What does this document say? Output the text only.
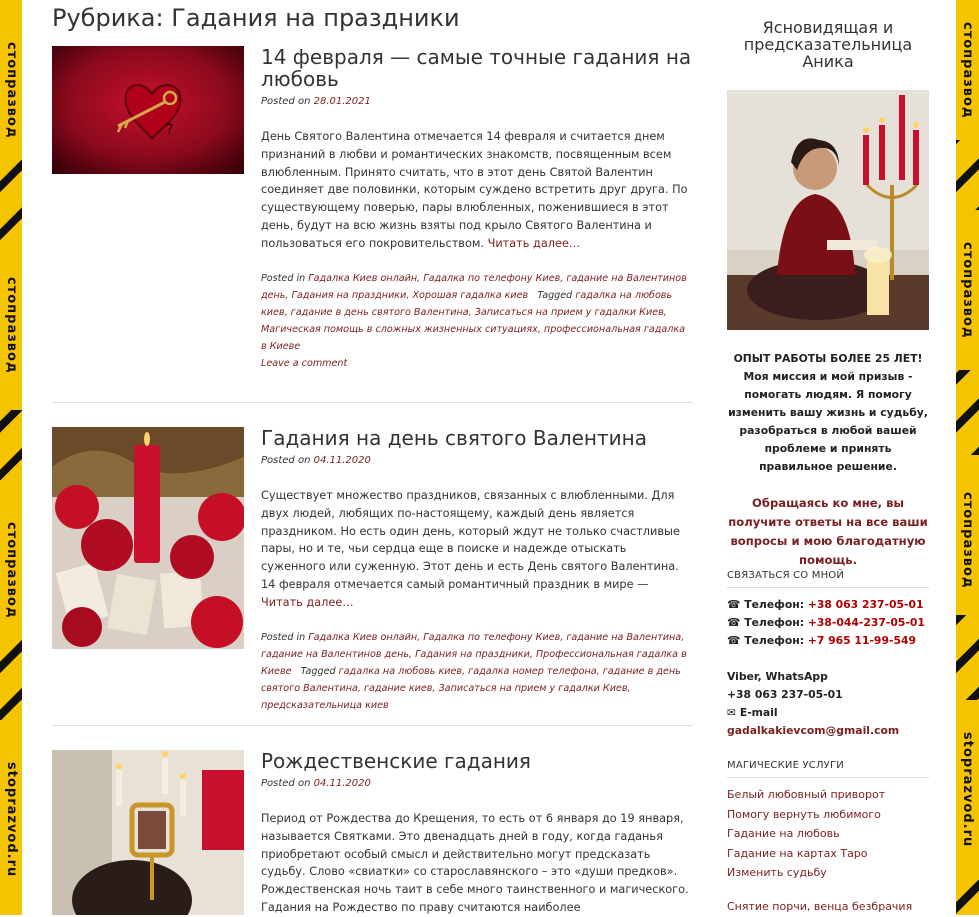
стопразвод
стопразвод
стопразвод
stoprazvod.ru
стопразвод
стопразвод
стопразвод
stoprazvod.ru
Рубрика: Гадания на праздники
?
14 февраля — самые точные гадания на любовь
Posted on 28.01.2021
День Святого Валентина отмечается 14 февраля и считается днем признаний в любви и романтических знакомств, посвященным всем влюбленным. Принято считать, что в этот день Святой Валентин соединяет две половинки, которым суждено встретить друг друга. По существующему поверью, пары влюбленных, поженившиеся в этот день, будут на всю жизнь взяты под крыло Святого Валентина и пользоваться его покровительством. Читать далее…
Posted in Гадалка Киев онлайн, Гадалка по телефону Киев, гадание на Валентинов день, Гадания на праздники, Хорошая гадалка киев Tagged гадалка на любовь киев, гадание в день святого Валентина, Записаться на прием у гадалки Киев, Магическая помощь в сложных жизненных ситуациях, профессиональная гадалка в Киеве
Leave a comment
Гадания на день святого Валентина
Posted on 04.11.2020
Существует множество праздников, связанных с влюбленными. Для двух людей, любящих по-настоящему, каждый день является праздником. Но есть один день, который ждут не только счастливые пары, но и те, чьи сердца еще в поиске и надежде отыскать суженного или суженную. Этот день и есть День святого Валентина. 14 февраля отмечается самый романтичный праздник в мире — Читать далее…
Posted in Гадалка Киев онлайн, Гадалка по телефону Киев, гадание на Валентина, гадание на Валентинов день, Гадания на праздники, Профессиональная гадалка в Киеве Tagged гадалка на любовь киев, гадалка номер телефона, гадание в день святого Валентина, гадание киев, Записаться на прием у гадалки Киев, предсказательница киев
Рождественские гадания
Posted on 04.11.2020
Период от Рождества до Крещения, то есть от 6 января до 19 января, называется Святками. Это двенадцать дней в году, когда гаданья приобретают особый смысл и действительно могут предсказать судьбу. Слово «свиатки» со старославянского – это «души предков». Рождественская ночь таит в себе много таинственного и магического. Гадания на Рождество по праву считаются наиболее
Ясновидящая и предсказательница Аника
ОПЫТ РАБОТЫ БОЛЕЕ 25 ЛЕТ!
Моя миссия и мой призыв - помогать людям. Я помогу изменить вашу жизнь и судьбу, разобраться в любой вашей проблеме и принять правильное решение.
Обращаясь ко мне, вы получите ответы на все ваши вопросы и мою благодатную помощь.
СВЯЗАТЬСЯ СО МНОЙ
☎ Телефон: +38 063 237-05-01
☎ Телефон: +38-044-237-05-01
☎ Телефон: +7 965 11-99-549
Viber, WhatsApp
+38 063 237-05-01
✉ E-mail
gadalkakievcom@gmail.com
МАГИЧЕСКИЕ УСЛУГИ
Белый любовный приворот
Помогу вернуть любимого
Гадание на любовь
Гадание на картах Таро
Изменить судьбу
Снятие порчи, венца безбрачия
